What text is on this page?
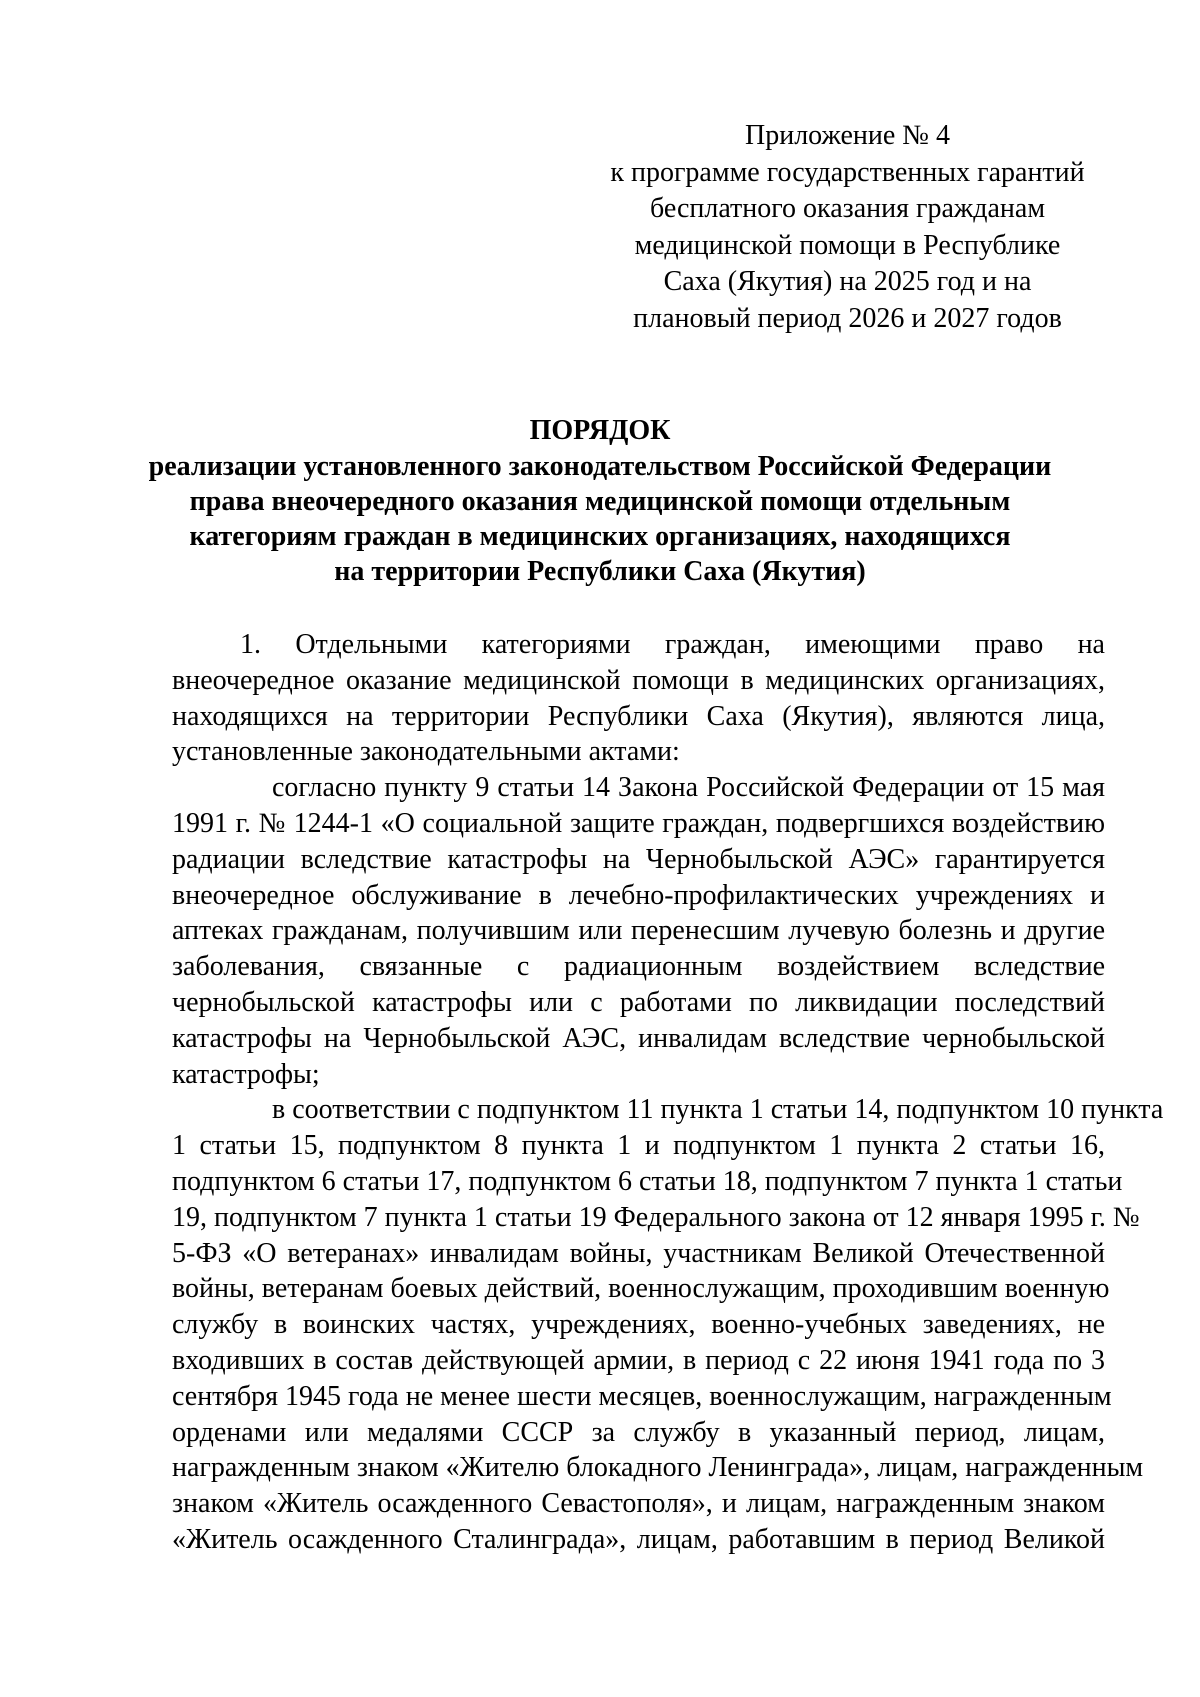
Приложение № 4
к программе государственных гарантий
бесплатного оказания гражданам
медицинской помощи в Республике
Саха (Якутия) на 2025 год и на
плановый период 2026 и 2027 годов
ПОРЯДОК
реализации установленного законодательством Российской Федерации
права внеочередного оказания медицинской помощи отдельным
категориям граждан в медицинских организациях, находящихся
на территории Республики Саха (Якутия)
1. Отдельными категориями граждан, имеющими право на
внеочередное оказание медицинской помощи в медицинских организациях,
находящихся на территории Республики Саха (Якутия), являются лица,
установленные законодательными актами:
согласно пункту 9 статьи 14 Закона Российской Федерации от 15 мая
1991 г. № 1244-1 «О социальной защите граждан, подвергшихся воздействию
радиации вследствие катастрофы на Чернобыльской АЭС» гарантируется
внеочередное обслуживание в лечебно-профилактических учреждениях и
аптеках гражданам, получившим или перенесшим лучевую болезнь и другие
заболевания, связанные с радиационным воздействием вследствие
чернобыльской катастрофы или с работами по ликвидации последствий
катастрофы на Чернобыльской АЭС, инвалидам вследствие чернобыльской
катастрофы;
в соответствии с подпунктом 11 пункта 1 статьи 14, подпунктом 10 пункта
1 статьи 15, подпунктом 8 пункта 1 и подпунктом 1 пункта 2 статьи 16,
подпунктом 6 статьи 17, подпунктом 6 статьи 18, подпунктом 7 пункта 1 статьи
19, подпунктом 7 пункта 1 статьи 19 Федерального закона от 12 января 1995 г. №
5-ФЗ «О ветеранах» инвалидам войны, участникам Великой Отечественной
войны, ветеранам боевых действий, военнослужащим, проходившим военную
службу в воинских частях, учреждениях, военно-учебных заведениях, не
входивших в состав действующей армии, в период с 22 июня 1941 года по 3
сентября 1945 года не менее шести месяцев, военнослужащим, награжденным
орденами или медалями СССР за службу в указанный период, лицам,
награжденным знаком «Жителю блокадного Ленинграда», лицам, награжденным
знаком «Житель осажденного Севастополя», и лицам, награжденным знаком
«Житель осажденного Сталинграда», лицам, работавшим в период Великой
